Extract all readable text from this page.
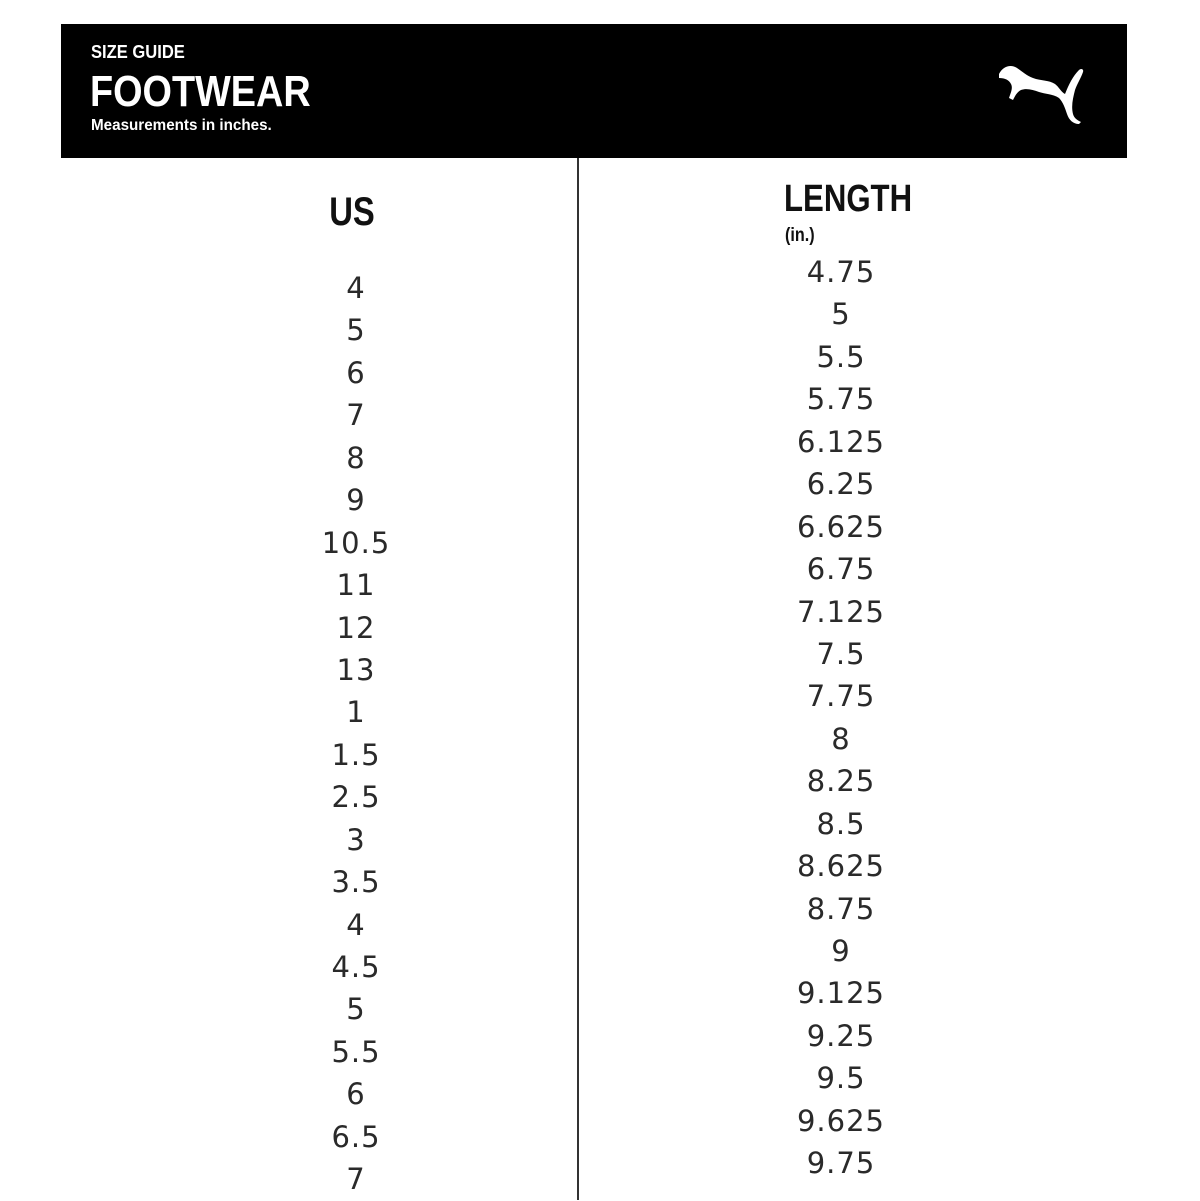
SIZE GUIDE
FOOTWEAR
Measurements in inches.
US	LENGTH
(in.)
4
5
6
7
8
9
10.5
11
12
13
1
1.5
2.5
3
3.5
4
4.5
5
5.5
6
6.5
7
4.75
5
5.5
5.75
6.125
6.25
6.625
6.75
7.125
7.5
7.75
8
8.25
8.5
8.625
8.75
9
9.125
9.25
9.5
9.625
9.75
